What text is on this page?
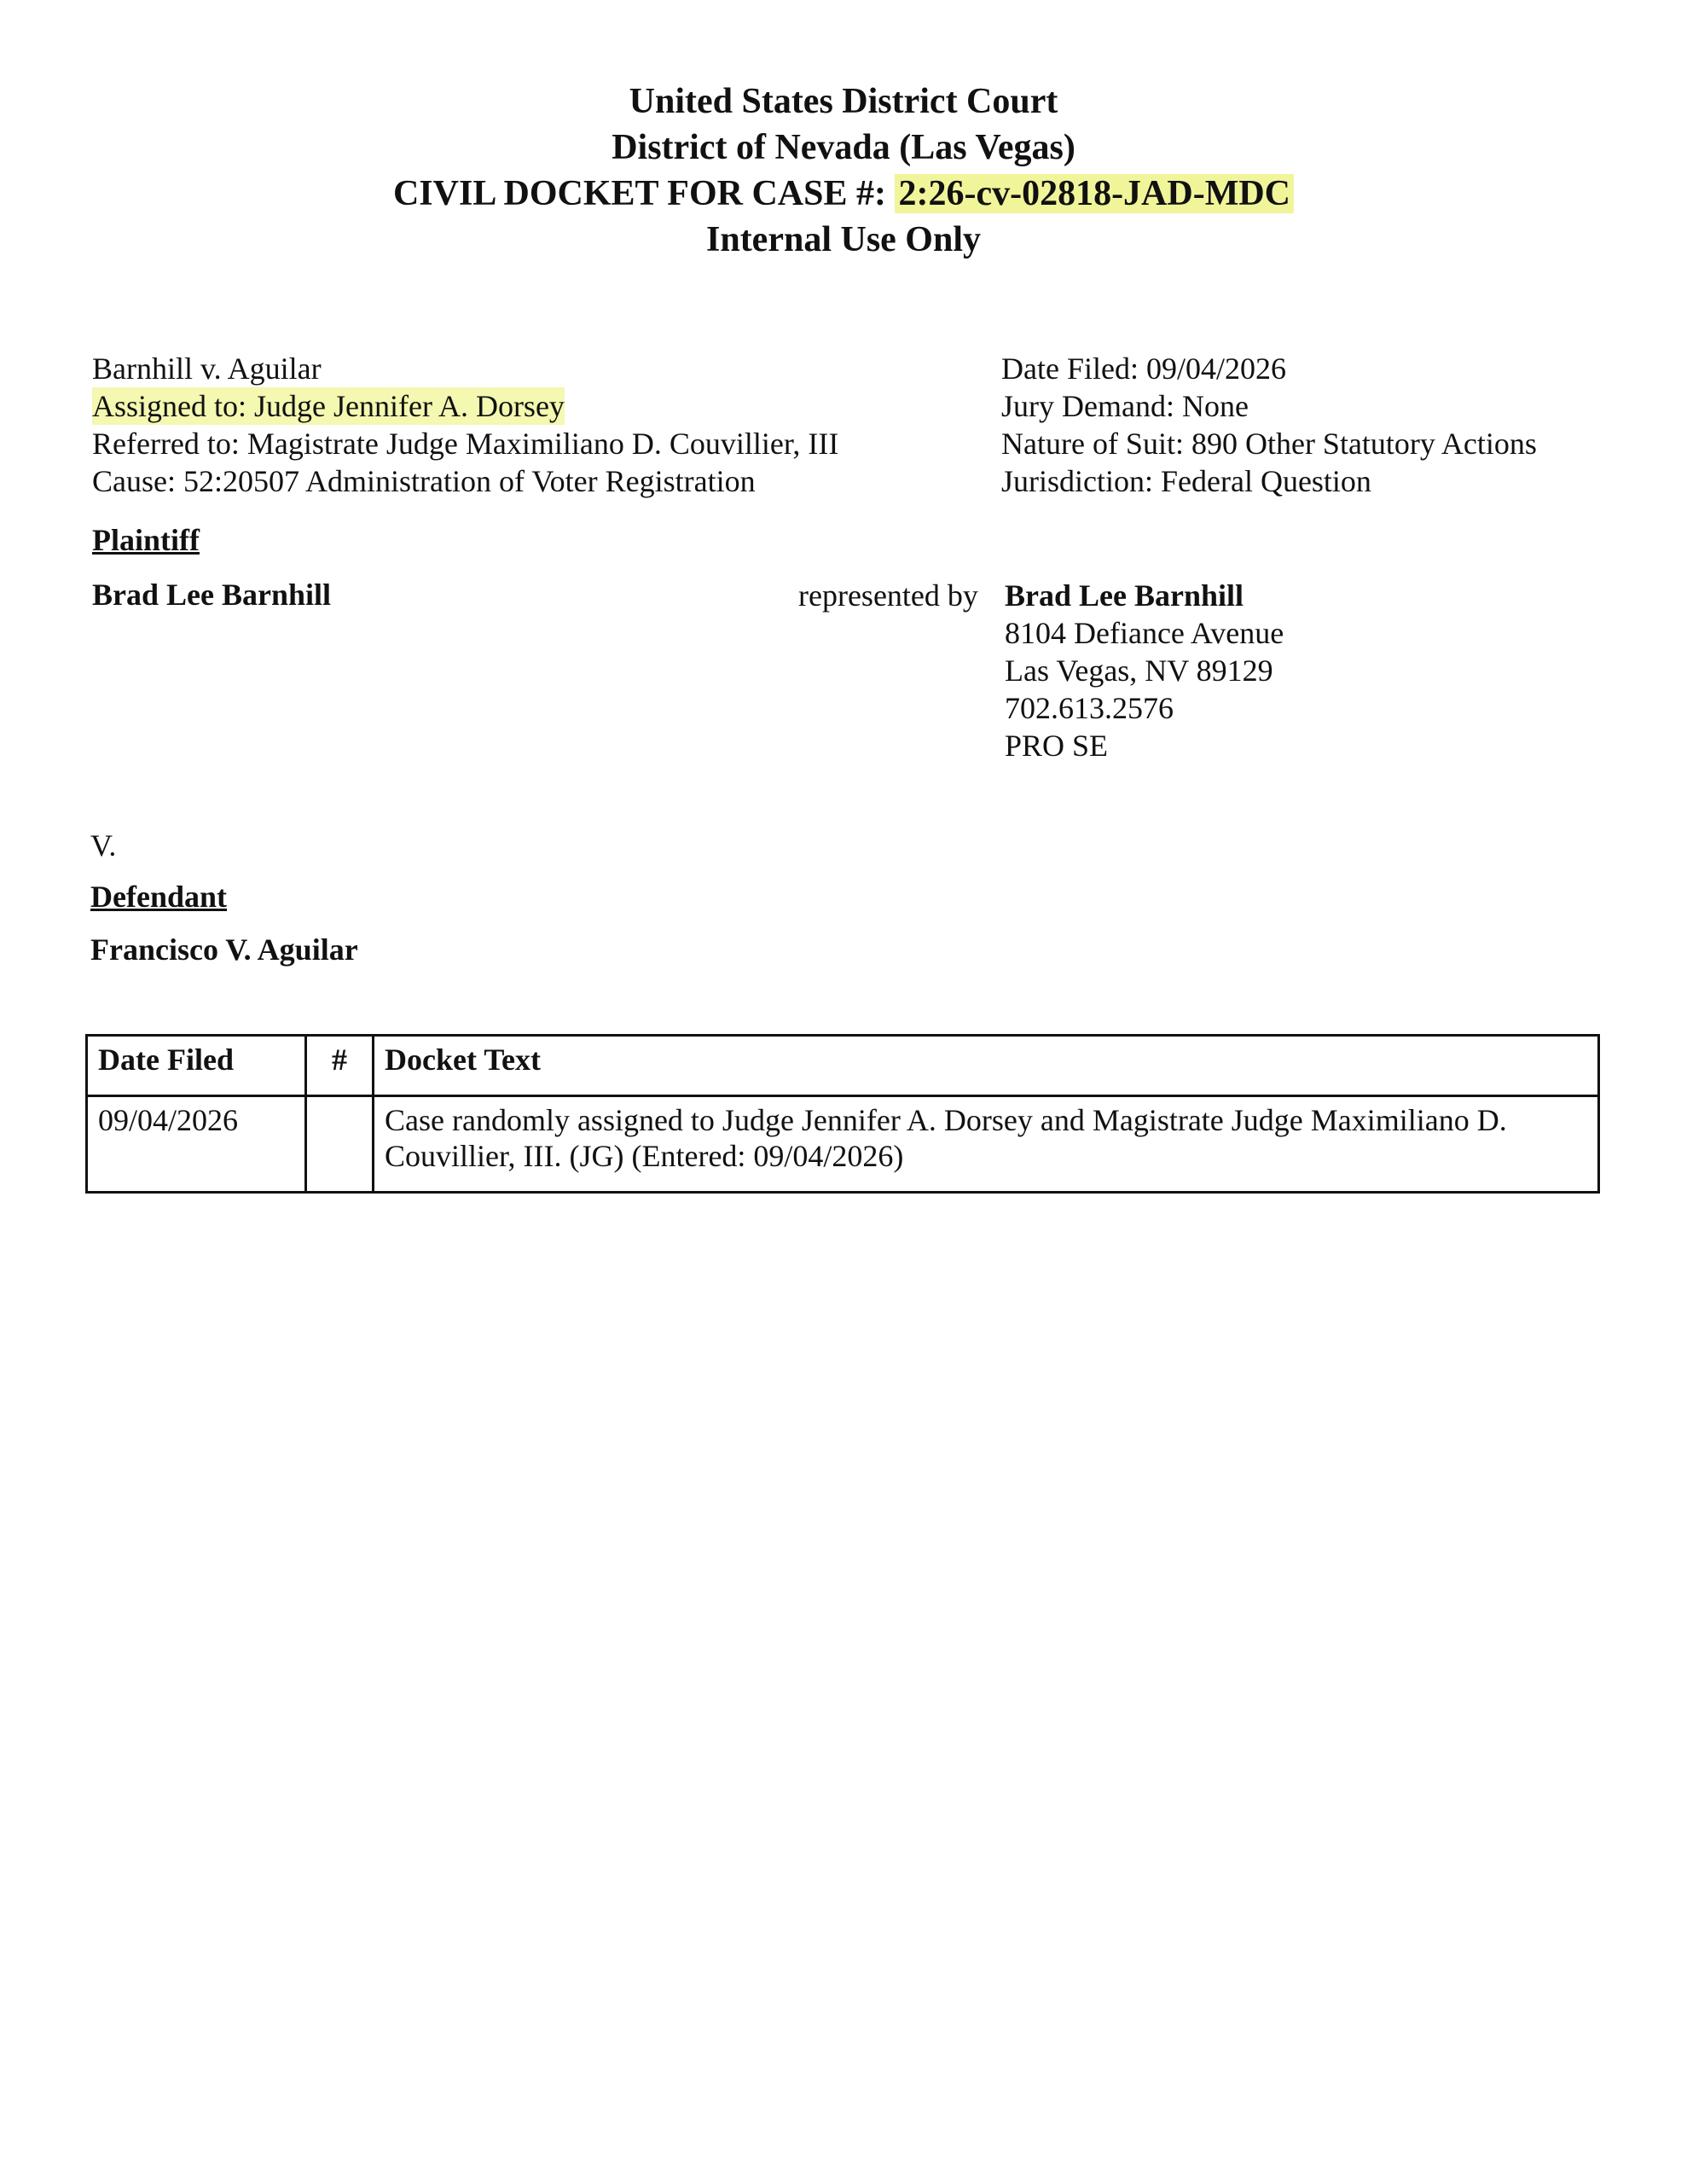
United States District Court
District of Nevada (Las Vegas)
CIVIL DOCKET FOR CASE #: 2:26-cv-02818-JAD-MDC
Internal Use Only
Barnhill v. Aguilar
Assigned to: Judge Jennifer A. Dorsey
Referred to: Magistrate Judge Maximiliano D. Couvillier, III
Cause: 52:20507 Administration of Voter Registration
Date Filed: 09/04/2026
Jury Demand: None
Nature of Suit: 890 Other Statutory Actions
Jurisdiction: Federal Question
Plaintiff
Brad Lee Barnhill	represented by Brad Lee Barnhill
8104 Defiance Avenue
Las Vegas, NV 89129
702.613.2576
PRO SE
V.
Defendant
Francisco V. Aguilar
Date Filed	#	Docket Text
09/04/2026		Case randomly assigned to Judge Jennifer A. Dorsey and Magistrate Judge Maximiliano D. Couvillier, III. (JG) (Entered: 09/04/2026)
